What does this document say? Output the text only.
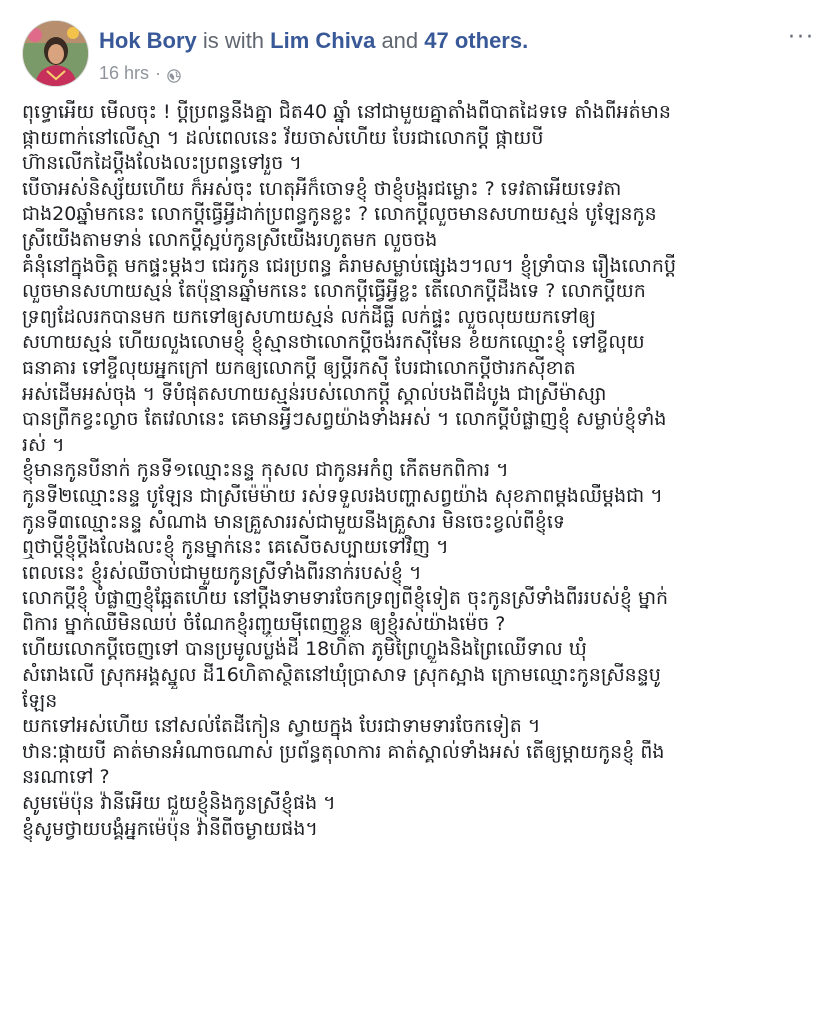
Hok Bory is with Lim Chiva and 47 others.
16 hrs ·
···
ពុទ្ធោអើយ មើលចុះ ! ប្តីប្រពន្ធនឹងគ្នា ជិត40 ឆ្នាំ នៅជាមួយគ្នាតាំងពីបាតដៃទទេ តាំងពីអត់មាន
ផ្កាយពាក់នៅលើស្មា ។ ដល់ពេលនេះ វ័យចាស់ហើយ បែរជាលោកប្តី ផ្កាយបី
ហ៊ានលើកដៃប្តឹងលែងលះប្រពន្ធទៅរួច ។
បើចាអស់និស្ស័យហើយ ក៏អស់ចុះ ហេតុអីក៏ចោទខ្ញុំ ថាខ្ញុំបង្ករជម្លោះ ? ទេវតាអើយទេវតា
ជាង20ឆ្នាំមកនេះ លោកប្តីធ្វើអ្វីដាក់ប្រពន្ធកូនខ្លះ ? លោកប្តីលួចមានសហាយស្មន់ បូឡែនកូន
ស្រីយើងតាមទាន់ លោកប្តីស្អប់កូនស្រីយើងរហូតមក លួចចង
គំនុំនៅក្នុងចិត្ត មកផ្ទះម្តងៗ ជេរកូន ជេរប្រពន្ធ គំរាមសម្លាប់ផ្សេងៗ។ល។ ខ្ញុំទ្រាំបាន រឿងលោកប្តី
លួចមានសហាយស្មន់ តែប៉ុន្មានឆ្នាំមកនេះ លោកប្តីធ្វើអ្វីខ្លះ តើលោកប្តីដឹងទេ ? លោកប្តីយក
ទ្រព្យដែលរកបានមក យកទៅឲ្យសហាយស្មន់ លក់ដីធ្លី លក់ផ្ទះ លួចលុយយកទៅឲ្យ
សហាយស្មន់ ហើយលួងលោមខ្ញុំ ខ្ញុំស្មានថាលោកប្តីចង់រកស៊ីមែន ខំយកឈ្មោះខ្ញុំ ទៅខ្ចីលុយ
ធនាគារ ទៅខ្ចីលុយអ្នកក្រៅ យកឲ្យលោកប្តី ឲ្យប្តីរកស៊ី បែរជាលោកប្តីថារកស៊ីខាត
អស់ដើមអស់ចុង ។ ទីបំផុតសហាយស្មន់របស់លោកប្តី ស្គាល់បងពីដំបូង ជាស្រីម៉ាស្សា
បានព្រឹកខ្វះល្ងាច តែវេលានេះ គេមានអ្វីៗសព្វយ៉ាងទាំងអស់ ។ លោកប្តីបំផ្លាញខ្ញុំ សម្លាប់ខ្ញុំទាំង
រស់ ។
ខ្ញុំមានកូនបីនាក់ កូនទី១ឈ្មោះនន្ទ កុសល ជាកូនអកំព្ញ កើតមកពិការ ។
កូនទី២ឈ្មោះនន្ទ បូឡែន ជាស្រីម៉េម៉ាយ រស់ទទួលរងបញ្ហាសព្វយ៉ាង សុខភាពម្តងឈឺម្តងជា ។
កូនទី៣ឈ្មោះនន្ទ សំណាង មានគ្រួសាររស់ជាមួយនឹងគ្រួសារ មិនចេះខ្វល់ពីខ្ញុំទេ
ឮថាប្តីខ្ញុំប្តឹងលែងលះខ្ញុំ កូនម្នាក់នេះ គេសើចសប្បាយទៅវិញ ។
ពេលនេះ ខ្ញុំរស់ឈឺចាប់ជាមួយកូនស្រីទាំងពីរនាក់របស់ខ្ញុំ ។
លោកប្តីខ្ញុំ បំផ្លាញខ្ញុំឆ្អែតហើយ នៅប្តឹងទាមទារចែកទ្រព្យពីខ្ញុំទៀត ចុះកូនស្រីទាំងពីររបស់ខ្ញុំ ម្នាក់
ពិការ ម្នាក់ឈឺមិនឈប់ ចំណែកខ្ញុំរញ្ជួយម៉ីពេញខ្លួន ឲ្យខ្ញុំរស់យ៉ាងម៉េច ?
ហើយលោកប្តីចេញទៅ បានប្រមូលប្លង់ដី 18ហិតា ភូមិព្រៃហ្លួងនិងព្រៃឈើទាល ឃុំ
សំរោងលើ ស្រុកអង្គស្នួល ដី16ហិតាស្ថិតនៅឃុំប្រាសាទ ស្រុកស្អាង ក្រោមឈ្មោះកូនស្រីនន្ទបូ
ឡែន
យកទៅអស់ហើយ នៅសល់តែដីកៀន ស្វាយក្នុង បែរជាទាមទារចែកទៀត ។
ឋានៈផ្កាយបី គាត់មានអំណាចណាស់ ប្រព័ន្ធតុលាការ គាត់ស្គាល់ទាំងអស់ តើឲ្យម្តាយកូនខ្ញុំ ពឹង
នរណាទៅ ?
សូមម៉េប៉ុន វ៉ានីអើយ ជួយខ្ញុំនិងកូនស្រីខ្ញុំផង ។
ខ្ញុំសូមថ្វាយបង្គំអ្នកម៉េប៉ុន វ៉ានីពីចម្ងាយផង។
